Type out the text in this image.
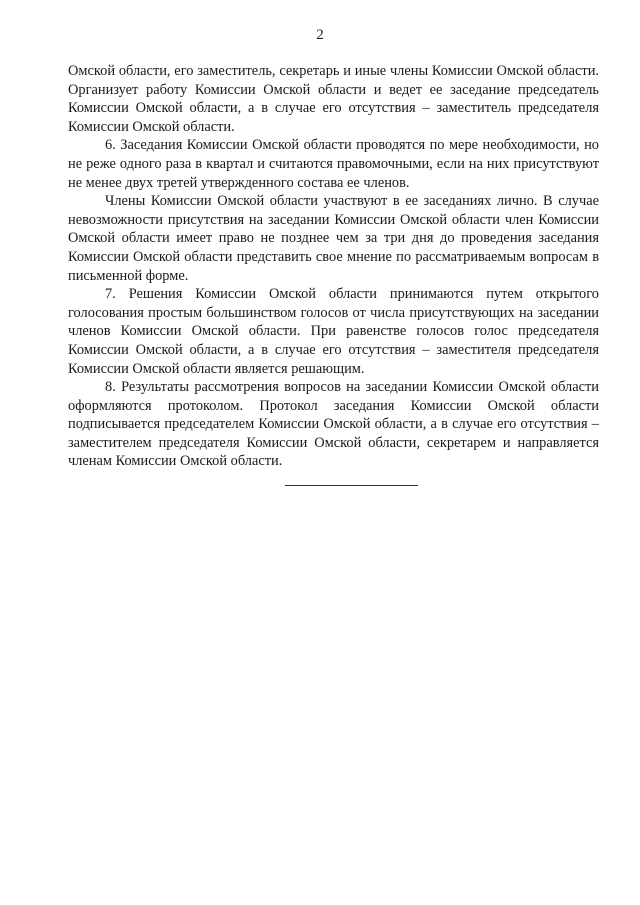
2

Омской области, его заместитель, секретарь и иные члены Комиссии Омской области. Организует работу Комиссии Омской области и ведет ее заседание председатель Комиссии Омской области, а в случае его отсутствия – заместитель председателя Комиссии Омской области.

6. Заседания Комиссии Омской области проводятся по мере необходимости, но не реже одного раза в квартал и считаются правомочными, если на них присутствуют не менее двух третей утвержденного состава ее членов.

Члены Комиссии Омской области участвуют в ее заседаниях лично. В случае невозможности присутствия на заседании Комиссии Омской области член Комиссии Омской области имеет право не позднее чем за три дня до проведения заседания Комиссии Омской области представить свое мнение по рассматриваемым вопросам в письменной форме.

7. Решения Комиссии Омской области принимаются путем открытого голосования простым большинством голосов от числа присутствующих на заседании членов Комиссии Омской области. При равенстве голосов голос председателя Комиссии Омской области, а в случае его отсутствия – заместителя председателя Комиссии Омской области является решающим.

8. Результаты рассмотрения вопросов на заседании Комиссии Омской области оформляются протоколом. Протокол заседания Комиссии Омской области подписывается председателем Комиссии Омской области, а в случае его отсутствия – заместителем председателя Комиссии Омской области, секретарем и направляется членам Комиссии Омской области.
